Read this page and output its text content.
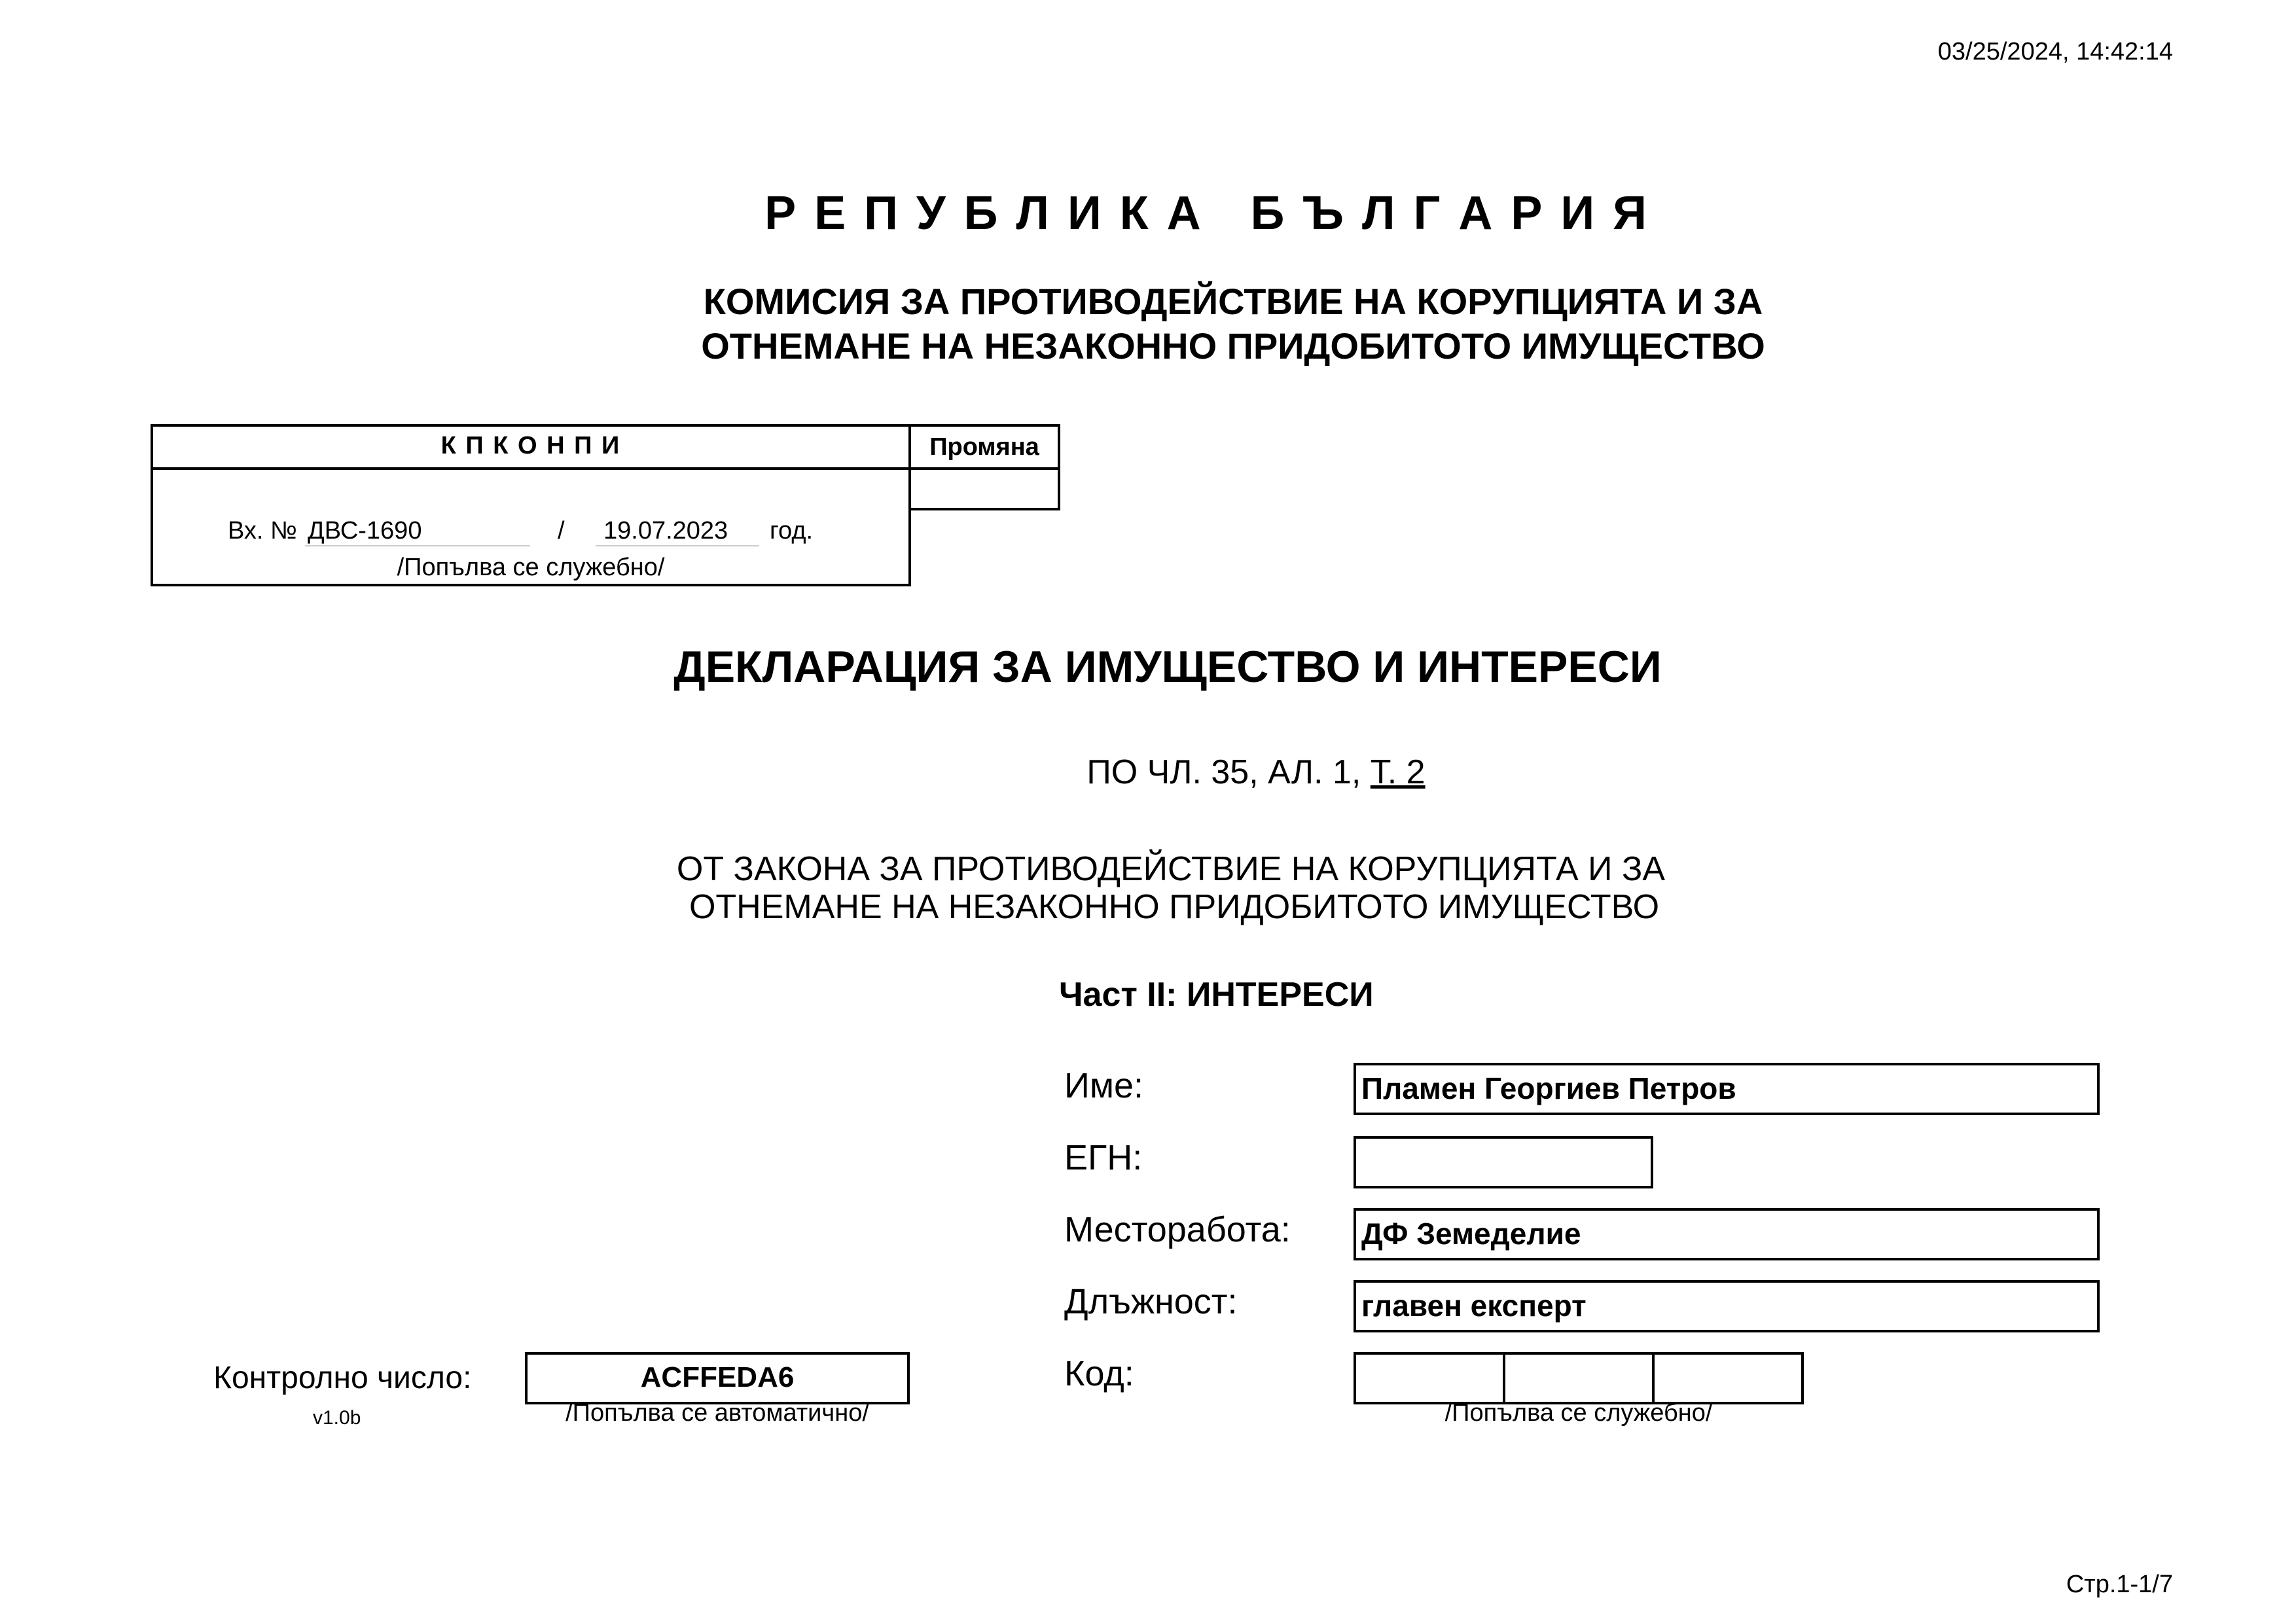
03/25/2024, 14:42:14
Р Е П У Б Л И К А   Б Ъ Л Г А Р И Я
КОМИСИЯ ЗА ПРОТИВОДЕЙСТВИЕ НА КОРУПЦИЯТА И ЗА
ОТНЕМАНЕ НА НЕЗАКОННО ПРИДОБИТОТО ИМУЩЕСТВО
К П К О Н П И
Вх. № ДВС-1690	/	19.07.2023	год.
/Попълва се служебно/
Промяна
ДЕКЛАРАЦИЯ ЗА ИМУЩЕСТВО И ИНТЕРЕСИ
ПО ЧЛ. 35, АЛ. 1, Т. 2
ОТ ЗАКОНА ЗА ПРОТИВОДЕЙСТВИЕ НА КОРУПЦИЯТА И ЗА
ОТНЕМАНЕ НА НЕЗАКОННО ПРИДОБИТОТО ИМУЩЕСТВО
Част II: ИНТЕРЕСИ
Име:	Пламен Георгиев Петров
ЕГН:
Месторабота: ДФ Земеделие
Длъжност:	главен експерт
Код:
/Попълва се служебно/
Контролно число:
v1.0b
ACFFEDA6
/Попълва се автоматично/
Стр.1-1/7
